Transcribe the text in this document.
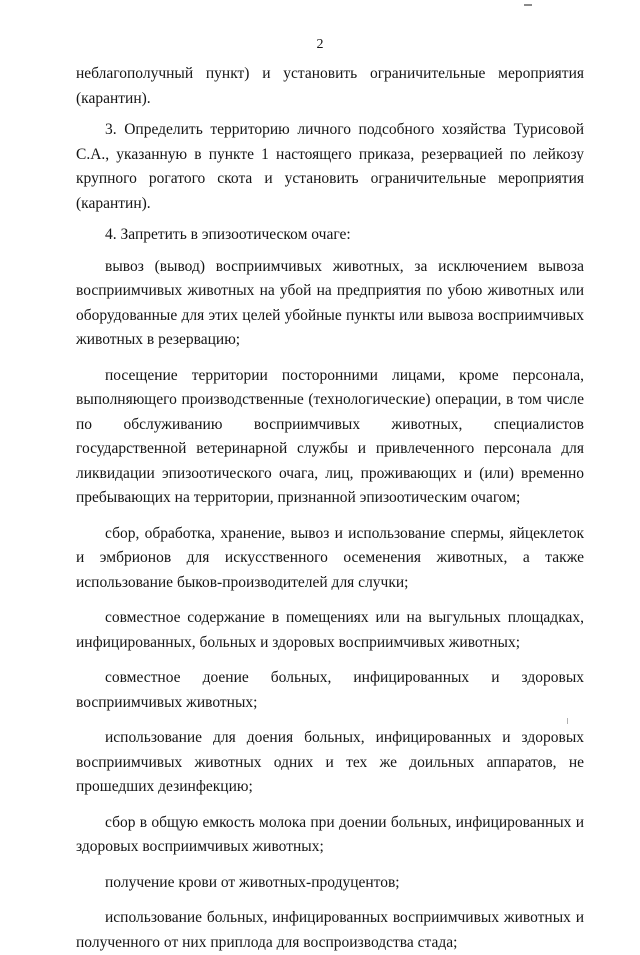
2

неблагополучный пункт) и установить ограничительные мероприятия (карантин).

3. Определить территорию личного подсобного хозяйства Турисовой С.А., указанную в пункте 1 настоящего приказа, резервацией по лейкозу крупного рогатого скота и установить ограничительные мероприятия (карантин).

4. Запретить в эпизоотическом очаге:

вывоз (вывод) восприимчивых животных, за исключением вывоза восприимчивых животных на убой на предприятия по убою животных или оборудованные для этих целей убойные пункты или вывоза восприимчивых животных в резервацию;

посещение территории посторонними лицами, кроме персонала, выполняющего производственные (технологические) операции, в том числе по обслуживанию восприимчивых животных, специалистов государственной ветеринарной службы и привлеченного персонала для ликвидации эпизоотического очага, лиц, проживающих и (или) временно пребывающих на территории, признанной эпизоотическим очагом;

сбор, обработка, хранение, вывоз и использование спермы, яйцеклеток и эмбрионов для искусственного осеменения животных, а также использование быков-производителей для случки;

совместное содержание в помещениях или на выгульных площадках, инфицированных, больных и здоровых восприимчивых животных;

совместное доение больных, инфицированных и здоровых восприимчивых животных;

использование для доения больных, инфицированных и здоровых восприимчивых животных одних и тех же доильных аппаратов, не прошедших дезинфекцию;

сбор в общую емкость молока при доении больных, инфицированных и здоровых восприимчивых животных;

получение крови от животных-продуцентов;

использование больных, инфицированных восприимчивых животных и полученного от них приплода для воспроизводства стада;
